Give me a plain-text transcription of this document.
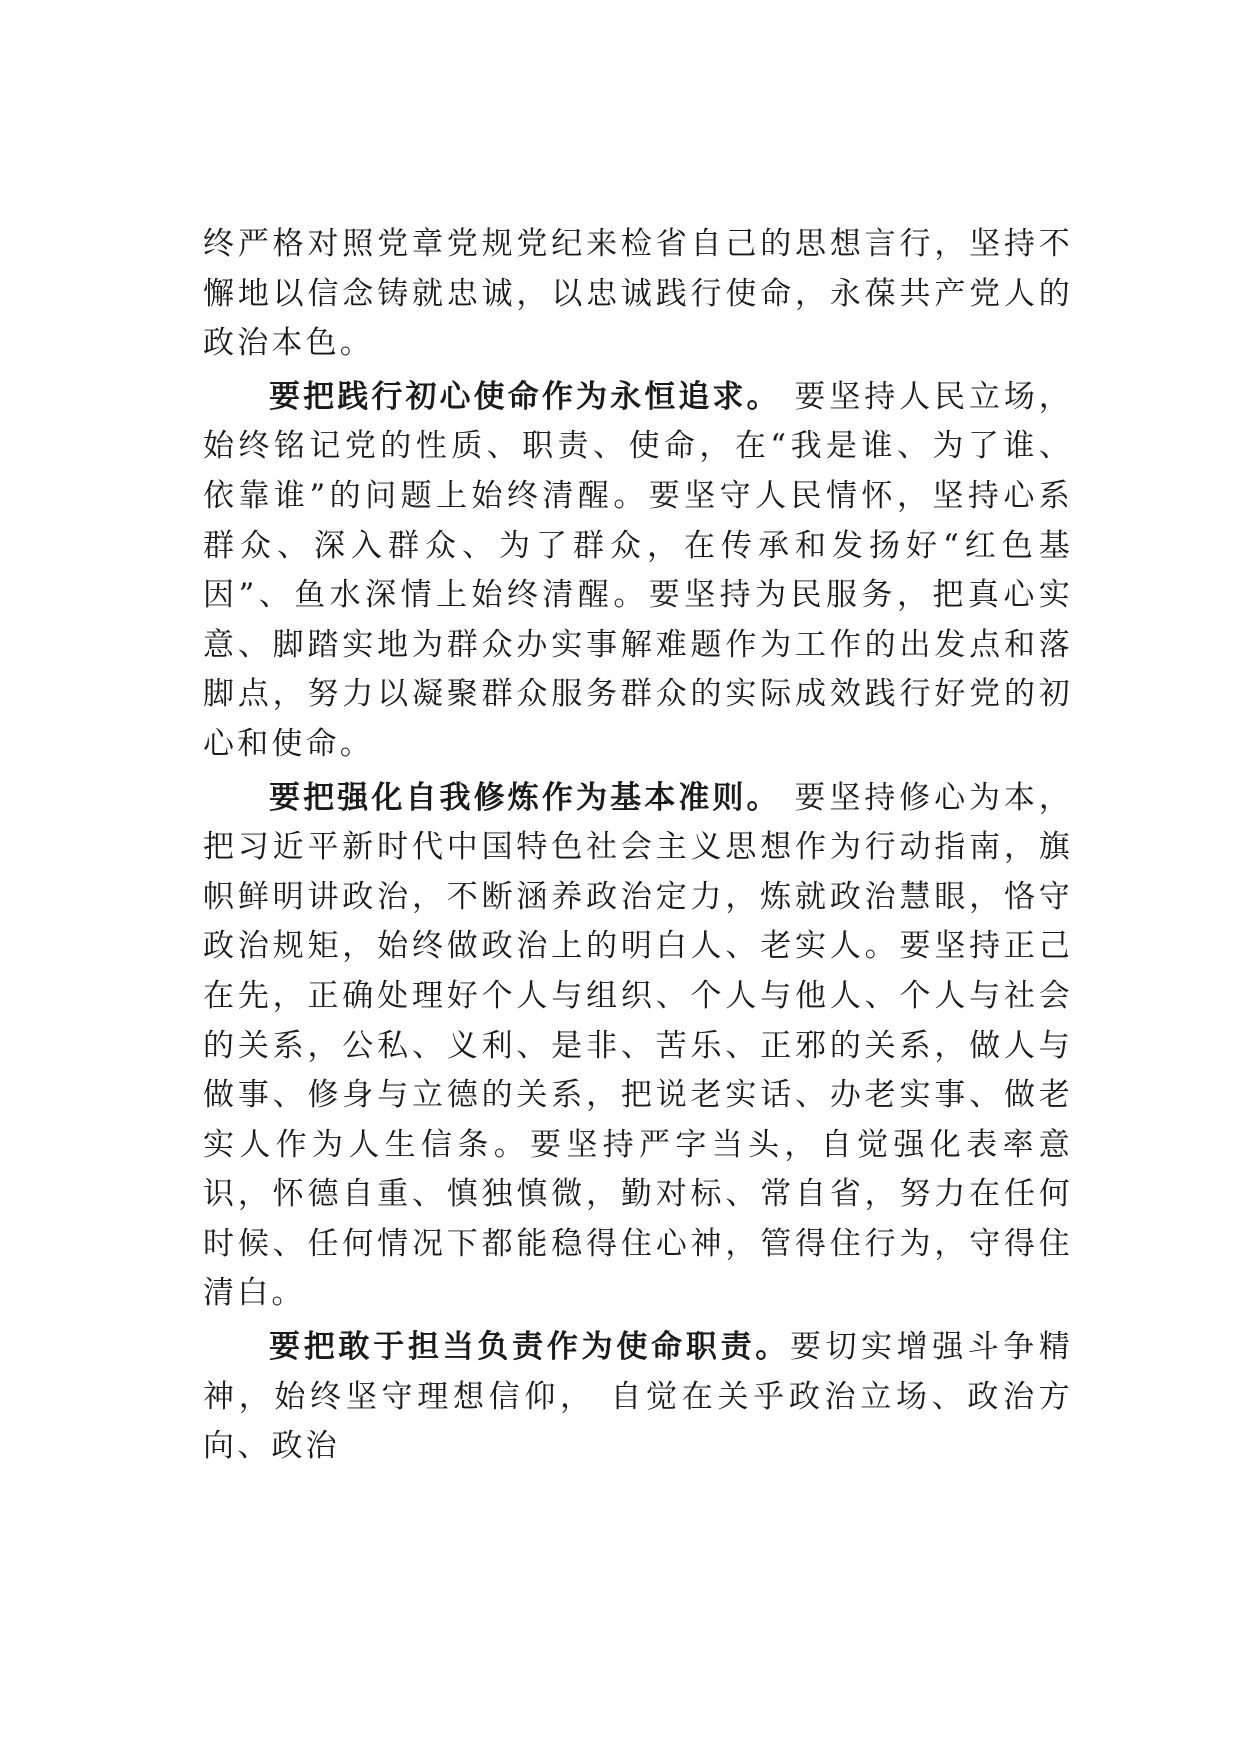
终严格对照党章党规党纪来检省自己的思想言行，坚持不懈地以信念铸就忠诚，以忠诚践行使命，永葆共产党人的政治本色。

要把践行初心使命作为永恒追求。 要坚持人民立场，始终铭记党的性质、职责、使命，在“我是谁、为了谁、依靠谁”的问题上始终清醒。要坚守人民情怀，坚持心系群众、深入群众、为了群众，在传承和发扬好“红色基因”、鱼水深情上始终清醒。要坚持为民服务，把真心实意、脚踏实地为群众办实事解难题作为工作的出发点和落脚点，努力以凝聚群众服务群众的实际成效践行好党的初心和使命。

要把强化自我修炼作为基本准则。 要坚持修心为本，把习近平新时代中国特色社会主义思想作为行动指南，旗帜鲜明讲政治，不断涵养政治定力，炼就政治慧眼，恪守政治规矩，始终做政治上的明白人、老实人。要坚持正己在先，正确处理好个人与组织、个人与他人、个人与社会的关系，公私、义利、是非、苦乐、正邪的关系，做人与做事、修身与立德的关系，把说老实话、办老实事、做老实人作为人生信条。要坚持严字当头，自觉强化表率意识，怀德自重、慎独慎微，勤对标、常自省，努力在任何时候、任何情况下都能稳得住心神，管得住行为，守得住清白。

要把敢于担当负责作为使命职责。要切实增强斗争精神，始终坚守理想信仰， 自觉在关乎政治立场、政治方向、政治
